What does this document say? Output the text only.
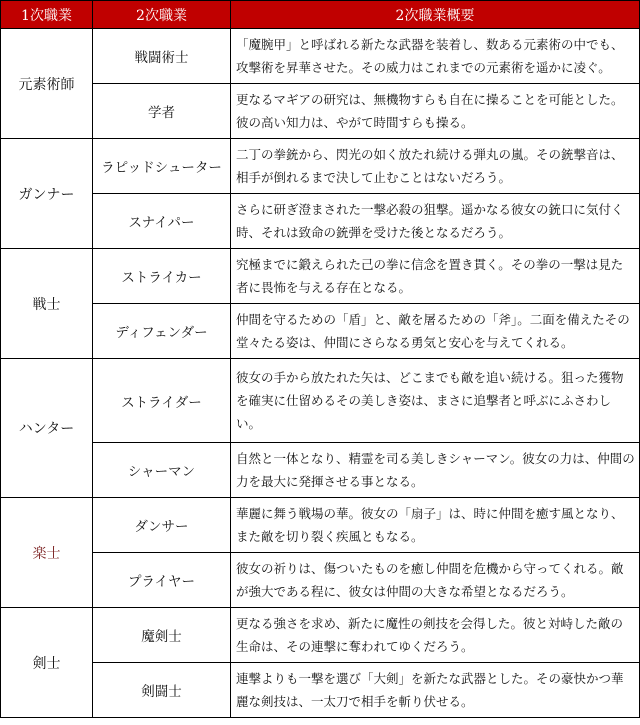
1次職業	2次職業	2次職業概要
元素術師	戦闘術士	「魔腕甲」と呼ばれる新たな武器を装着し、数ある元素術の中でも、攻撃術を昇華させた。その威力はこれまでの元素術を遥かに凌ぐ。

	学者	更なるマギアの研究は、無機物すらも自在に操ることを可能とした。彼の高い知力は、やがて時間すらも操る。

ガンナー	ラピッドシューター	二丁の拳銃から、閃光の如く放たれ続ける弾丸の嵐。その銃撃音は、相手が倒れるまで決して止むことはないだろう。

	スナイパー	さらに研ぎ澄まされた一撃必殺の狙撃。遥かなる彼女の銃口に気付く時、それは致命の銃弾を受けた後となるだろう。

戦士	ストライカー	究極までに鍛えられた己の拳に信念を置き貫く。その拳の一撃は見た者に畏怖を与える存在となる。

	ディフェンダー	仲間を守るための「盾」と、敵を屠るための「斧」。二面を備えたその堂々たる姿は、仲間にさらなる勇気と安心を与えてくれる。

ハンター	ストライダー	彼女の手から放たれた矢は、どこまでも敵を追い続ける。狙った獲物を確実に仕留めるその美しき姿は、まさに追撃者と呼ぶにふさわしい。

	シャーマン	自然と一体となり、精霊を司る美しきシャーマン。彼女の力は、仲間の力を最大に発揮させる事となる。

楽士	ダンサー	華麗に舞う戦場の華。彼女の「扇子」は、時に仲間を癒す風となり、また敵を切り裂く疾風ともなる。

	プライヤー	彼女の祈りは、傷ついたものを癒し仲間を危機から守ってくれる。敵が強大である程に、彼女は仲間の大きな希望となるだろう。

剣士	魔剣士	更なる強さを求め、新たに魔性の剣技を会得した。彼と対峙した敵の生命は、その連撃に奪われてゆくだろう。

	剣闘士	連撃よりも一撃を選び「大剣」を新たな武器とした。その豪快かつ華麗な剣技は、一太刀で相手を斬り伏せる。
